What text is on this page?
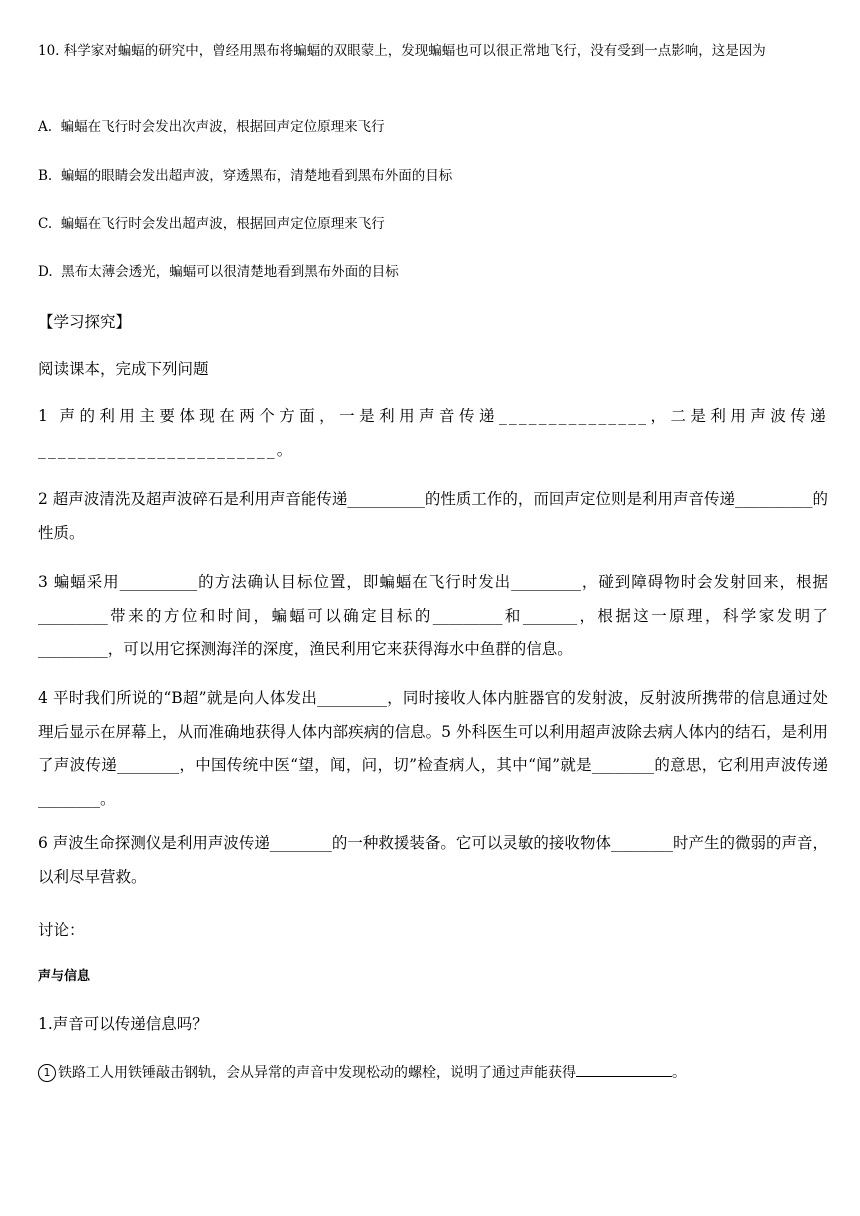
10. 科学家对蝙蝠的研究中，曾经用黑布将蝙蝠的双眼蒙上，发现蝙蝠也可以很正常地飞行，没有受到一点影响，这是因为

A. 蝙蝠在飞行时会发出次声波，根据回声定位原理来飞行
B. 蝙蝠的眼睛会发出超声波，穿透黑布，清楚地看到黑布外面的目标
C. 蝙蝠在飞行时会发出超声波，根据回声定位原理来飞行
D. 黑布太薄会透光，蝙蝠可以很清楚地看到黑布外面的目标
【学习探究】
阅读课本，完成下列问题
1 声的利用主要体现在两个方面，一是利用声音传递_______________，二是利用声波传递________________________。
2 超声波清洗及超声波碎石是利用声音能传递__________的性质工作的，而回声定位则是利用声音传递__________的性质。
3 蝙蝠采用__________的方法确认目标位置，即蝙蝠在飞行时发出_________，碰到障碍物时会发射回来，根据_________带来的方位和时间，蝙蝠可以确定目标的_________和_______，根据这一原理，科学家发明了_________，可以用它探测海洋的深度，渔民利用它来获得海水中鱼群的信息。
4 平时我们所说的“B超”就是向人体发出_________，同时接收人体内脏器官的发射波，反射波所携带的信息通过处理后显示在屏幕上，从而准确地获得人体内部疾病的信息。5 外科医生可以利用超声波除去病人体内的结石，是利用了声波传递________，中国传统中医“望，闻，问，切”检查病人，其中“闻”就是________的意思，它利用声波传递________。
6 声波生命探测仪是利用声波传递________的一种救援装备。它可以灵敏的接收物体________时产生的微弱的声音，以利尽早营救。
讨论：
声与信息
1.声音可以传递信息吗？
1 铁路工人用铁锤敲击钢轨，会从异常的声音中发现松动的螺栓，说明了通过声能获得	。
